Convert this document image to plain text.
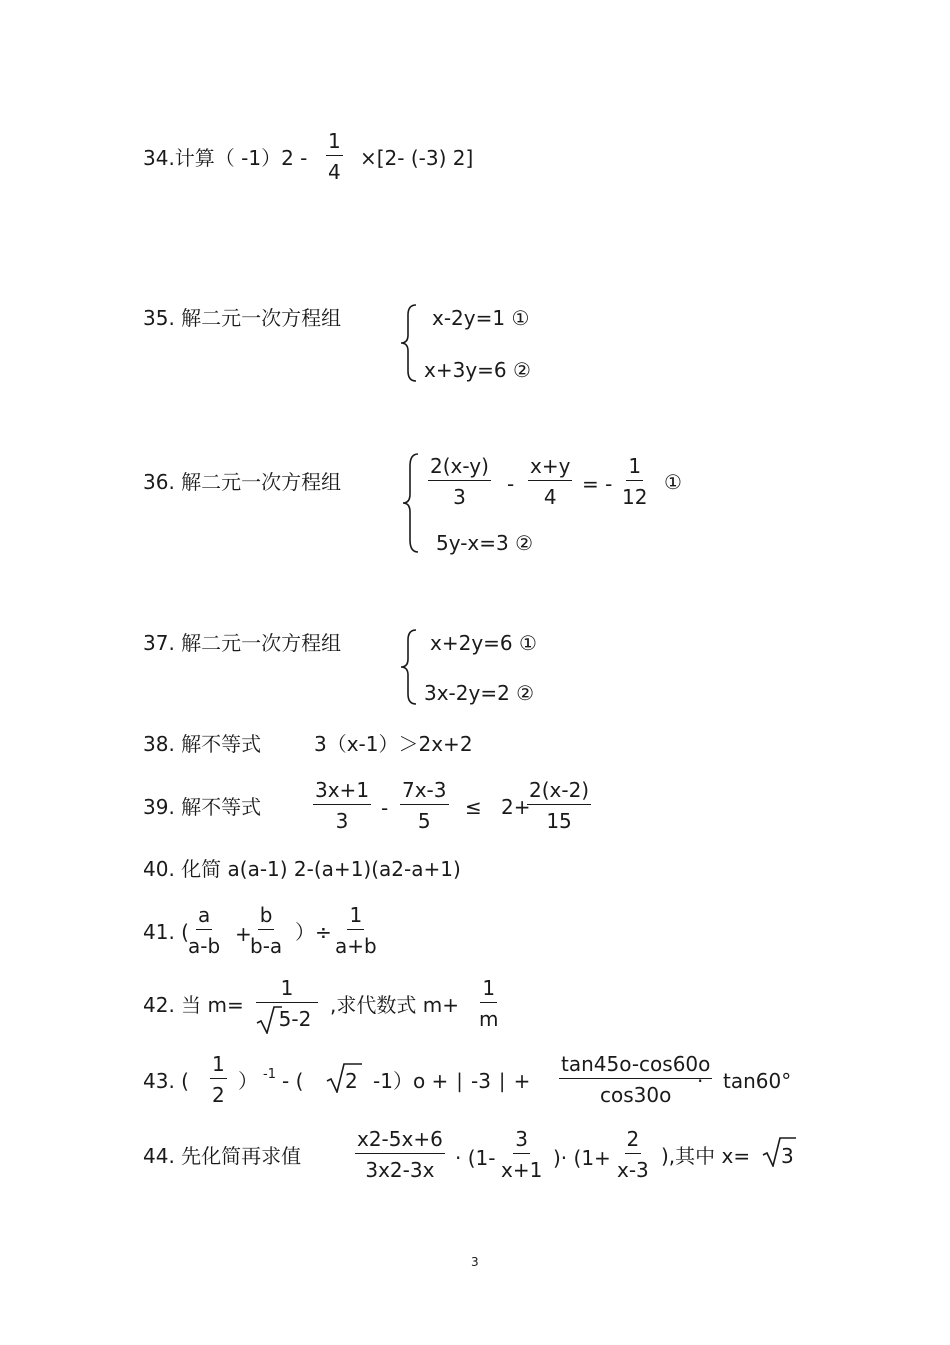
34.计算（ $-1)2 - \frac{1}{4} \times[2-$ (-3) 2]
35. 解二元一次方程组	x-2y=1 ①
x+3y=6 ②
36. 解二元一次方程组	$\frac{2(x-y)}{3} - \frac{x+y}{4}$ = - $\frac{1}{12}$ ①
5y-x=3 ②
37. 解二元一次方程组	x+2y=6 ①
3x-2y=2 ②
38. 解不等式	3（x-1）＞2x+2
39. 解不等式	$\frac{3x+1}{3} - \frac{7x-3}{5} \le 2+$
$\frac{2(x-2)}{15}$
40. 化简 a(a-1) 2-(a+1)(a2-a+1)
41. ( $\frac{a}{a-b}$ +
$\frac{b}{b-a}$ ）÷ $\frac{1}{a+b}$
42. 当 $m= \frac{1}{5-2}$ ,求代数式 $m+ \frac{1}{m}$
43. ( $\frac{1}{2}$ ） -1 - ( 2 -1）o + ∣ -3 ∣ + $\frac{\tan 45o-\cos 60o}{\cos 30o}$
· tan60°
44. 先化简再求值	$\frac{x2-5x+6}{3x2-3x} \cdot (1- \frac{3}{x+1}$ )· ($1+ \frac{2}{x-3}$ ),其中 x= 3
3
